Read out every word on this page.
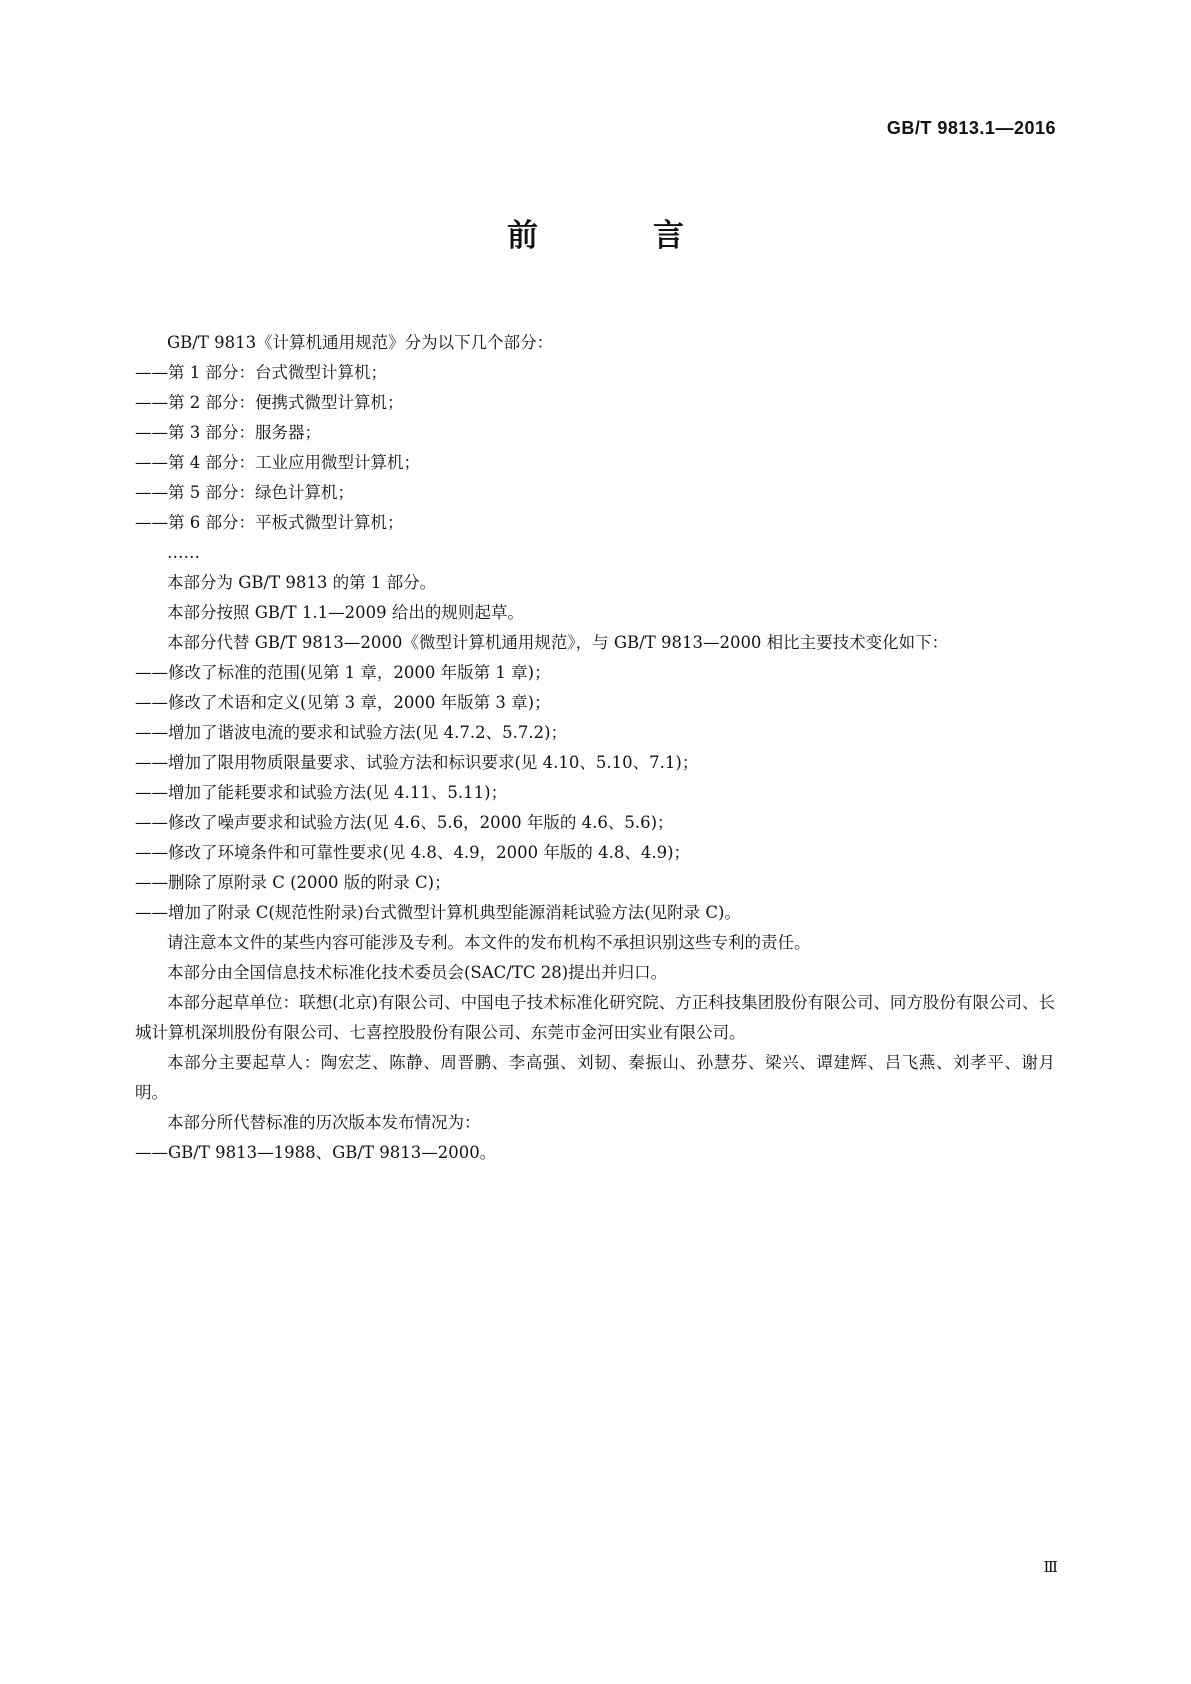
GB/T 9813.1—2016
前　言

GB/T 9813《计算机通用规范》分为以下几个部分：

——第 1 部分：台式微型计算机；

——第 2 部分：便携式微型计算机；

——第 3 部分：服务器；

——第 4 部分：工业应用微型计算机；

——第 5 部分：绿色计算机；

——第 6 部分：平板式微型计算机；

……

本部分为 GB/T 9813 的第 1 部分。

本部分按照 GB/T 1.1—2009 给出的规则起草。

本部分代替 GB/T 9813—2000《微型计算机通用规范》，与 GB/T 9813—2000 相比主要技术变化如下：

——修改了标准的范围(见第 1 章，2000 年版第 1 章)；

——修改了术语和定义(见第 3 章，2000 年版第 3 章)；

——增加了谐波电流的要求和试验方法(见 4.7.2、5.7.2)；

——增加了限用物质限量要求、试验方法和标识要求(见 4.10、5.10、7.1)；

——增加了能耗要求和试验方法(见 4.11、5.11)；

——修改了噪声要求和试验方法(见 4.6、5.6，2000 年版的 4.6、5.6)；

——修改了环境条件和可靠性要求(见 4.8、4.9，2000 年版的 4.8、4.9)；

——删除了原附录 C (2000 版的附录 C)；

——增加了附录 C(规范性附录)台式微型计算机典型能源消耗试验方法(见附录 C)。

请注意本文件的某些内容可能涉及专利。本文件的发布机构不承担识别这些专利的责任。

本部分由全国信息技术标准化技术委员会(SAC/TC 28)提出并归口。

本部分起草单位：联想(北京)有限公司、中国电子技术标准化研究院、方正科技集团股份有限公司、同方股份有限公司、长城计算机深圳股份有限公司、七喜控股股份有限公司、东莞市金河田实业有限公司。

本部分主要起草人：陶宏芝、陈静、周晋鹏、李高强、刘韧、秦振山、孙慧芬、梁兴、谭建辉、吕飞燕、刘孝平、谢月明。

本部分所代替标准的历次版本发布情况为：

——GB/T 9813—1988、GB/T 9813—2000。

Ⅲ
